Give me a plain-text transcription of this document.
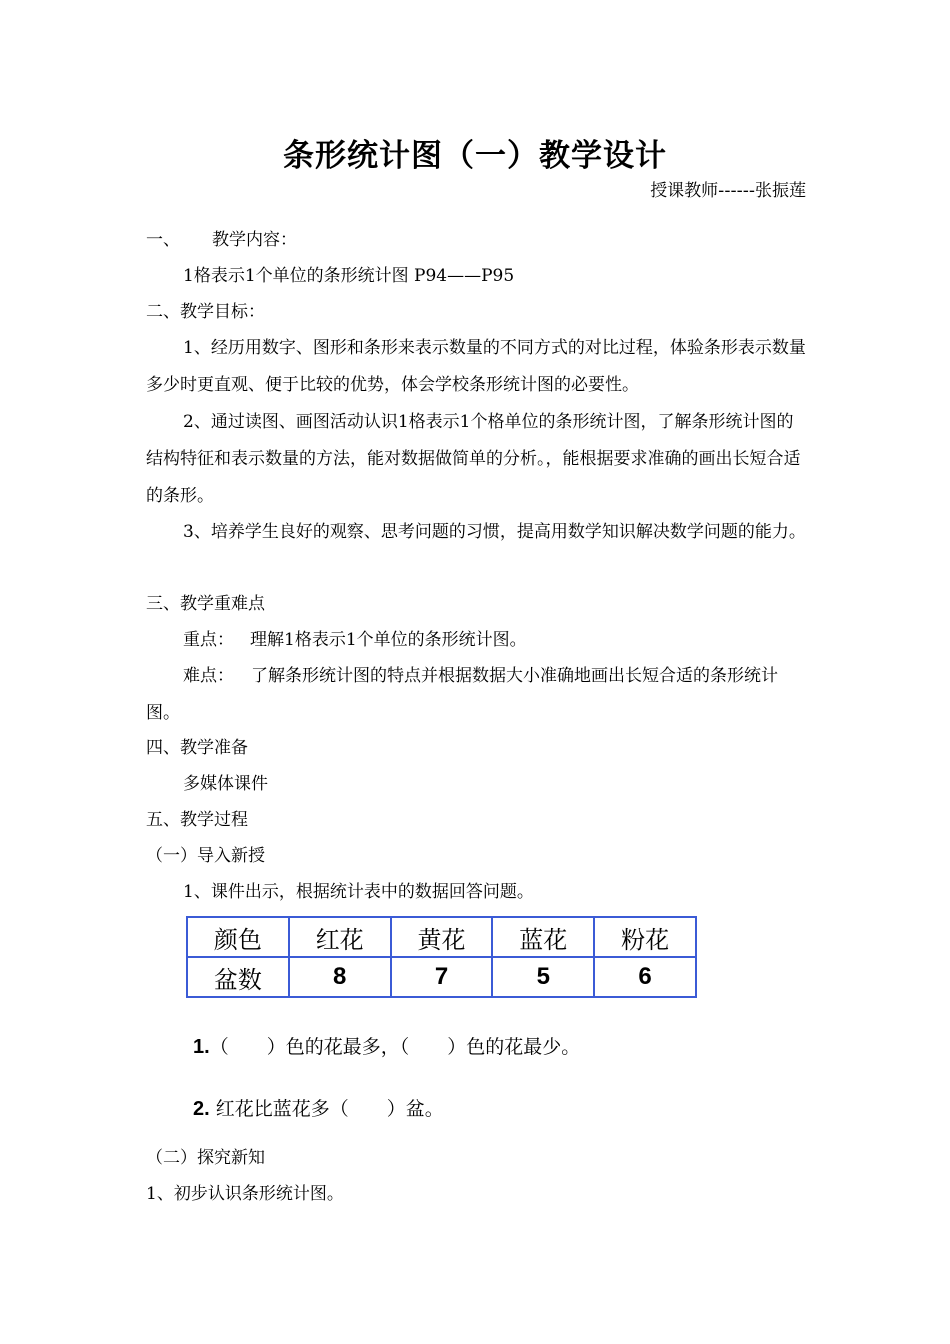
条形统计图（一）教学设计
授课教师------张振莲
一、 教学内容：
1格表示1个单位的条形统计图 P94——P95
二、教学目标：
1、经历用数字、图形和条形来表示数量的不同方式的对比过程，体验条形表示数量多少时更直观、便于比较的优势，体会学校条形统计图的必要性。
2、通过读图、画图活动认识1格表示1个格单位的条形统计图，了解条形统计图的结构特征和表示数量的方法，能对数据做简单的分析。，能根据要求准确的画出长短合适的条形。
3、培养学生良好的观察、思考问题的习惯，提高用数学知识解决数学问题的能力。
三、教学重难点
重点： 理解1格表示1个单位的条形统计图。
难点：	了解条形统计图的特点并根据数据大小准确地画出长短合适的条形统计图。
四、教学准备
多媒体课件
五、教学过程
（一）导入新授
1、课件出示，根据统计表中的数据回答问题。
颜色	红花	黄花	蓝花	粉花
盆数	8	7	5	6
1.（　　）色的花最多，（　　）色的花最少。
2. 红花比蓝花多（　　）盆。
（二）探究新知
1、初步认识条形统计图。
